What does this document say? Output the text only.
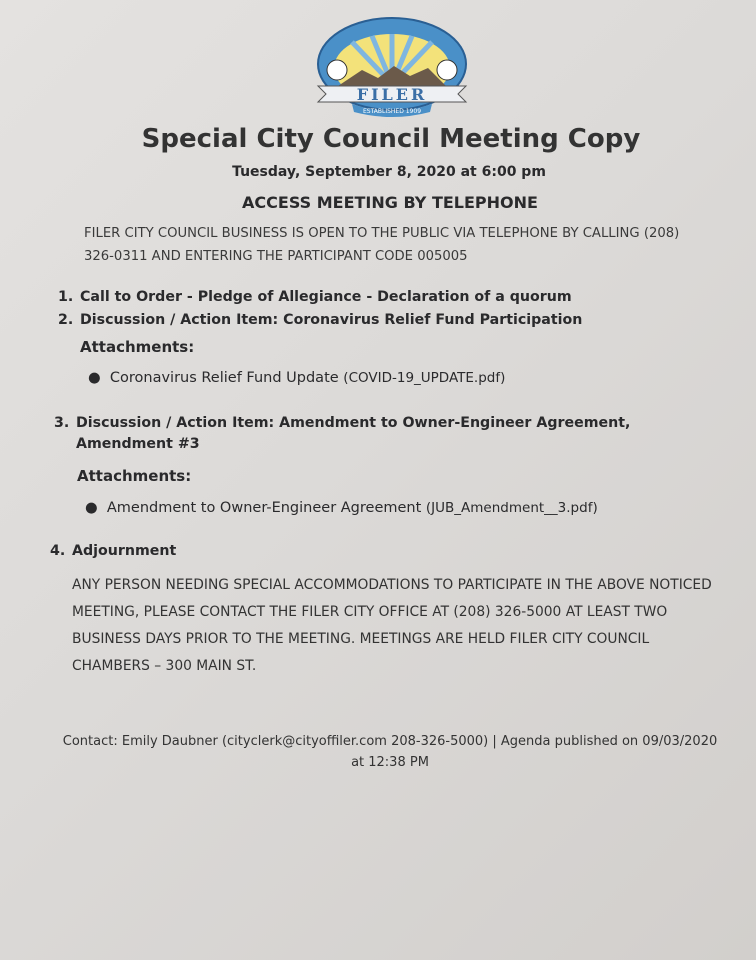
FILER
ESTABLISHED 1909
Special City Council Meeting Copy
Tuesday, September 8, 2020 at 6:00 pm
ACCESS MEETING BY TELEPHONE
FILER CITY COUNCIL BUSINESS IS OPEN TO THE PUBLIC VIA TELEPHONE BY CALLING (208) 326-0311 AND ENTERING THE PARTICIPANT CODE 005005
1. Call to Order - Pledge of Allegiance - Declaration of a quorum
2. Discussion / Action Item: Coronavirus Relief Fund Participation
Attachments:
●  Coronavirus Relief Fund Update (COVID-19_UPDATE.pdf)
3. Discussion / Action Item: Amendment to Owner-Engineer Agreement,
Amendment #3
Attachments:
●  Amendment to Owner-Engineer Agreement (JUB_Amendment__3.pdf)
4. Adjournment
ANY PERSON NEEDING SPECIAL ACCOMMODATIONS TO PARTICIPATE IN THE ABOVE NOTICED MEETING, PLEASE CONTACT THE FILER CITY OFFICE AT (208) 326-5000 AT LEAST TWO BUSINESS DAYS PRIOR TO THE MEETING. MEETINGS ARE HELD FILER CITY COUNCIL CHAMBERS – 300 MAIN ST.
Contact: Emily Daubner (cityclerk@cityoffiler.com 208-326-5000) | Agenda published on 09/03/2020 at 12:38 PM
